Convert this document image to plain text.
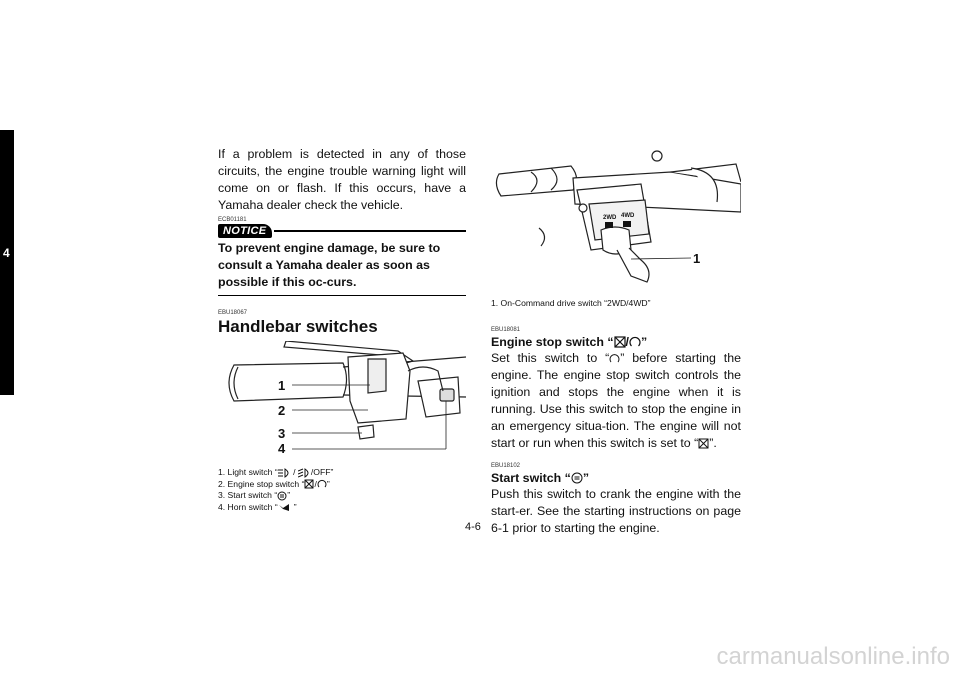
4

If a problem is detected in any of those circuits, the engine trouble warning light will come on or flash. If this occurs, have a Yamaha dealer check the vehicle.

ECB01181
NOTICE
To prevent engine damage, be sure to consult a Yamaha dealer as soon as possible if this oc-curs.
EBU18067
Handlebar switches
1
2
3
4
1. Light switch “ / /OFF”
2. Engine stop switch “ / ”
3. Start switch “ ”
4. Horn switch “ ”
2WD 4WD
1
1. On-Command drive switch “2WD/4WD”
EBU18081
Engine stop switch “ / ”

Set this switch to “ ” before starting the engine. The engine stop switch controls the ignition and stops the engine when it is running. Use this switch to stop the engine in an emergency situa-tion. The engine will not start or run when this switch is set to “ ”.

EBU18102
Start switch “ ”

Push this switch to crank the engine with the start-er. See the starting instructions on page 6-1 prior to starting the engine.

4-6
carmanualsonline.info
